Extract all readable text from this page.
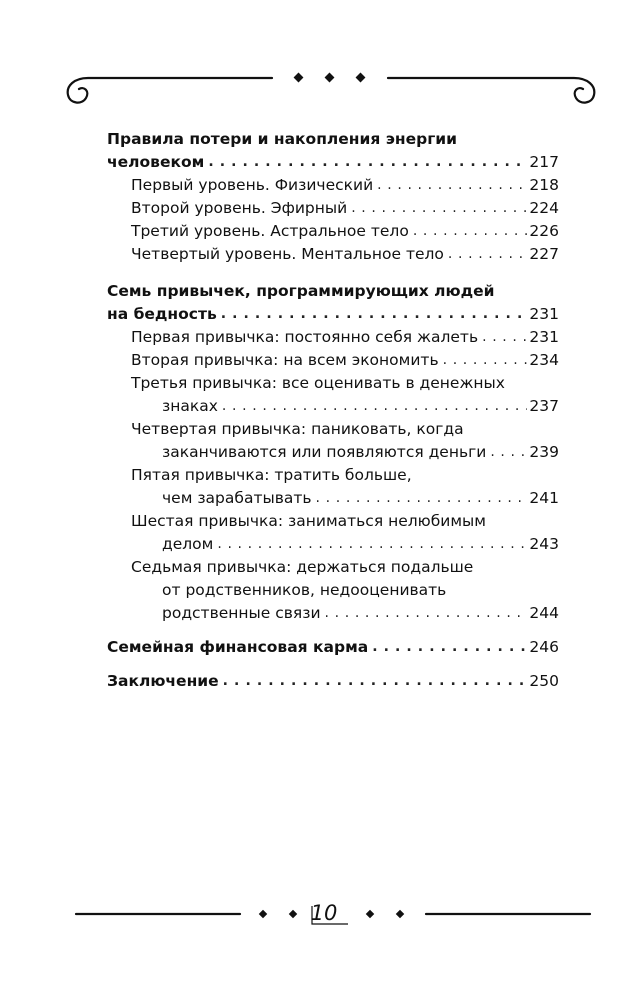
Правила потери и накопления энергии
человеком . . .	217
Первый уровень. Физический . . .	218
Второй уровень. Эфирный . . .	224
Третий уровень. Астральное тело . . .	226
Четвертый уровень. Ментальное тело . . .	227
Семь привычек, программирующих людей
на бедность . . .	231
Первая привычка: постоянно себя жалеть . . .	231
Вторая привычка: на всем экономить . . .	234
Третья привычка: все оценивать в денежных
знаках . . .	237
Четвертая привычка: паниковать, когда
заканчиваются или появляются деньги . . .	239
Пятая привычка: тратить больше,
чем зарабатывать . . .	241
Шестая привычка: заниматься нелюбимым
делом . . .	243
Седьмая привычка: держаться подальше
от родственников, недооценивать
родственные связи . . .	244
Семейная финансовая карма . . .	246
Заключение . . .	250
10
